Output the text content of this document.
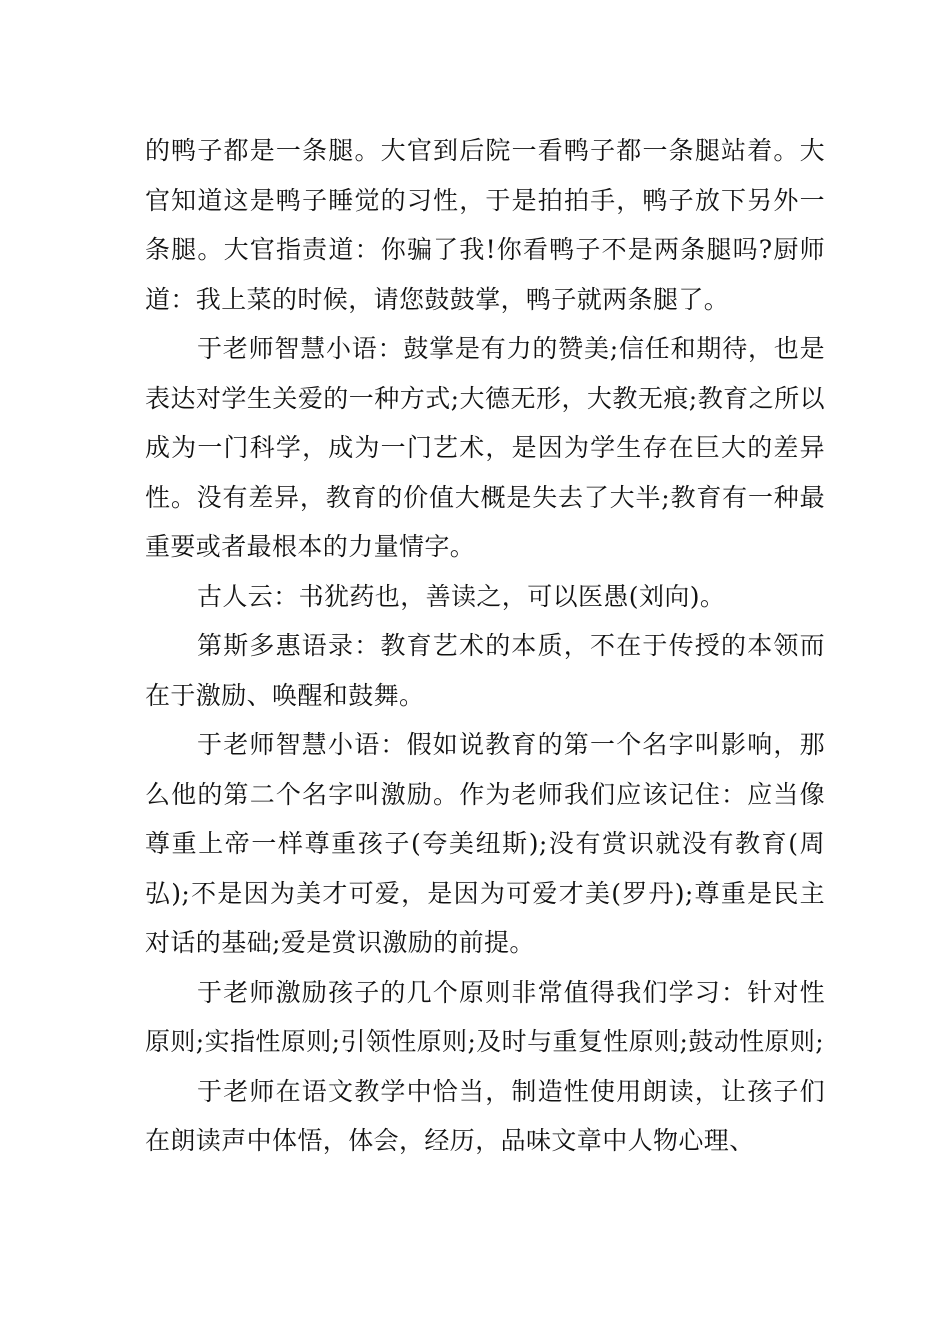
的鸭子都是一条腿。大官到后院一看鸭子都一条腿站着。大官知道这是鸭子睡觉的习性，于是拍拍手，鸭子放下另外一条腿。大官指责道：你骗了我!你看鸭子不是两条腿吗?厨师道：我上菜的时候，请您鼓鼓掌，鸭子就两条腿了。

于老师智慧小语：鼓掌是有力的赞美;信任和期待，也是表达对学生关爱的一种方式;大德无形，大教无痕;教育之所以成为一门科学，成为一门艺术，是因为学生存在巨大的差异性。没有差异，教育的价值大概是失去了大半;教育有一种最重要或者最根本的力量情字。

古人云：书犹药也，善读之，可以医愚(刘向)。

第斯多惠语录：教育艺术的本质，不在于传授的本领而在于激励、唤醒和鼓舞。

于老师智慧小语：假如说教育的第一个名字叫影响，那么他的第二个名字叫激励。作为老师我们应该记住：应当像尊重上帝一样尊重孩子(夸美纽斯);没有赏识就没有教育(周弘);不是因为美才可爱，是因为可爱才美(罗丹);尊重是民主对话的基础;爱是赏识激励的前提。

于老师激励孩子的几个原则非常值得我们学习：针对性原则;实指性原则;引领性原则;及时与重复性原则;鼓动性原则;

于老师在语文教学中恰当，制造性使用朗读，让孩子们在朗读声中体悟，体会，经历，品味文章中人物心理、
